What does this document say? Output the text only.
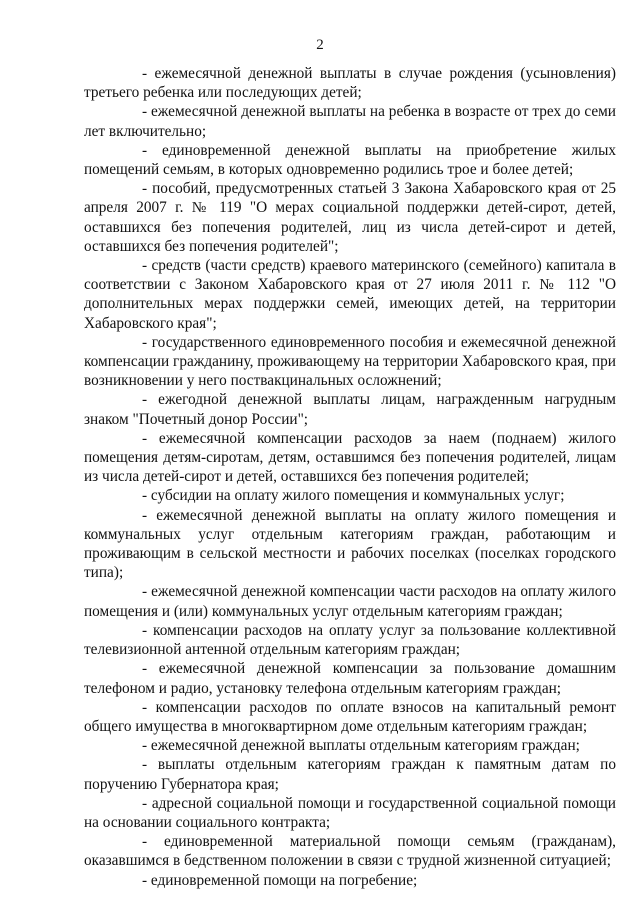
2

- ежемесячной денежной выплаты в случае рождения (усыновления) третьего ребенка или последующих детей;

- ежемесячной денежной выплаты на ребенка в возрасте от трех до семи лет включительно;

- единовременной денежной выплаты на приобретение жилых помещений семьям, в которых одновременно родились трое и более детей;

- пособий, предусмотренных статьей 3 Закона Хабаровского края от 25 апреля 2007 г. № 119 "О мерах социальной поддержки детей-сирот, детей, оставшихся без попечения родителей, лиц из числа детей-сирот и детей, оставшихся без попечения родителей";

- средств (части средств) краевого материнского (семейного) капитала в соответствии с Законом Хабаровского края от 27 июля 2011 г. № 112 "О дополнительных мерах поддержки семей, имеющих детей, на территории Хабаровского края";

- государственного единовременного пособия и ежемесячной денежной компенсации гражданину, проживающему на территории Хабаровского края, при возникновении у него поствакцинальных осложнений;

- ежегодной денежной выплаты лицам, награжденным нагрудным знаком "Почетный донор России";

- ежемесячной компенсации расходов за наем (поднаем) жилого помещения детям-сиротам, детям, оставшимся без попечения родителей, лицам из числа детей-сирот и детей, оставшихся без попечения родителей;

- субсидии на оплату жилого помещения и коммунальных услуг;

- ежемесячной денежной выплаты на оплату жилого помещения и коммунальных услуг отдельным категориям граждан, работающим и проживающим в сельской местности и рабочих поселках (поселках городского типа);

- ежемесячной денежной компенсации части расходов на оплату жилого помещения и (или) коммунальных услуг отдельным категориям граждан;

- компенсации расходов на оплату услуг за пользование коллективной телевизионной антенной отдельным категориям граждан;

- ежемесячной денежной компенсации за пользование домашним телефоном и радио, установку телефона отдельным категориям граждан;

- компенсации расходов по оплате взносов на капитальный ремонт общего имущества в многоквартирном доме отдельным категориям граждан;

- ежемесячной денежной выплаты отдельным категориям граждан;

- выплаты отдельным категориям граждан к памятным датам по поручению Губернатора края;

- адресной социальной помощи и государственной социальной помощи на основании социального контракта;

- единовременной материальной помощи семьям (гражданам), оказавшимся в бедственном положении в связи с трудной жизненной ситуацией;

- единовременной помощи на погребение;
